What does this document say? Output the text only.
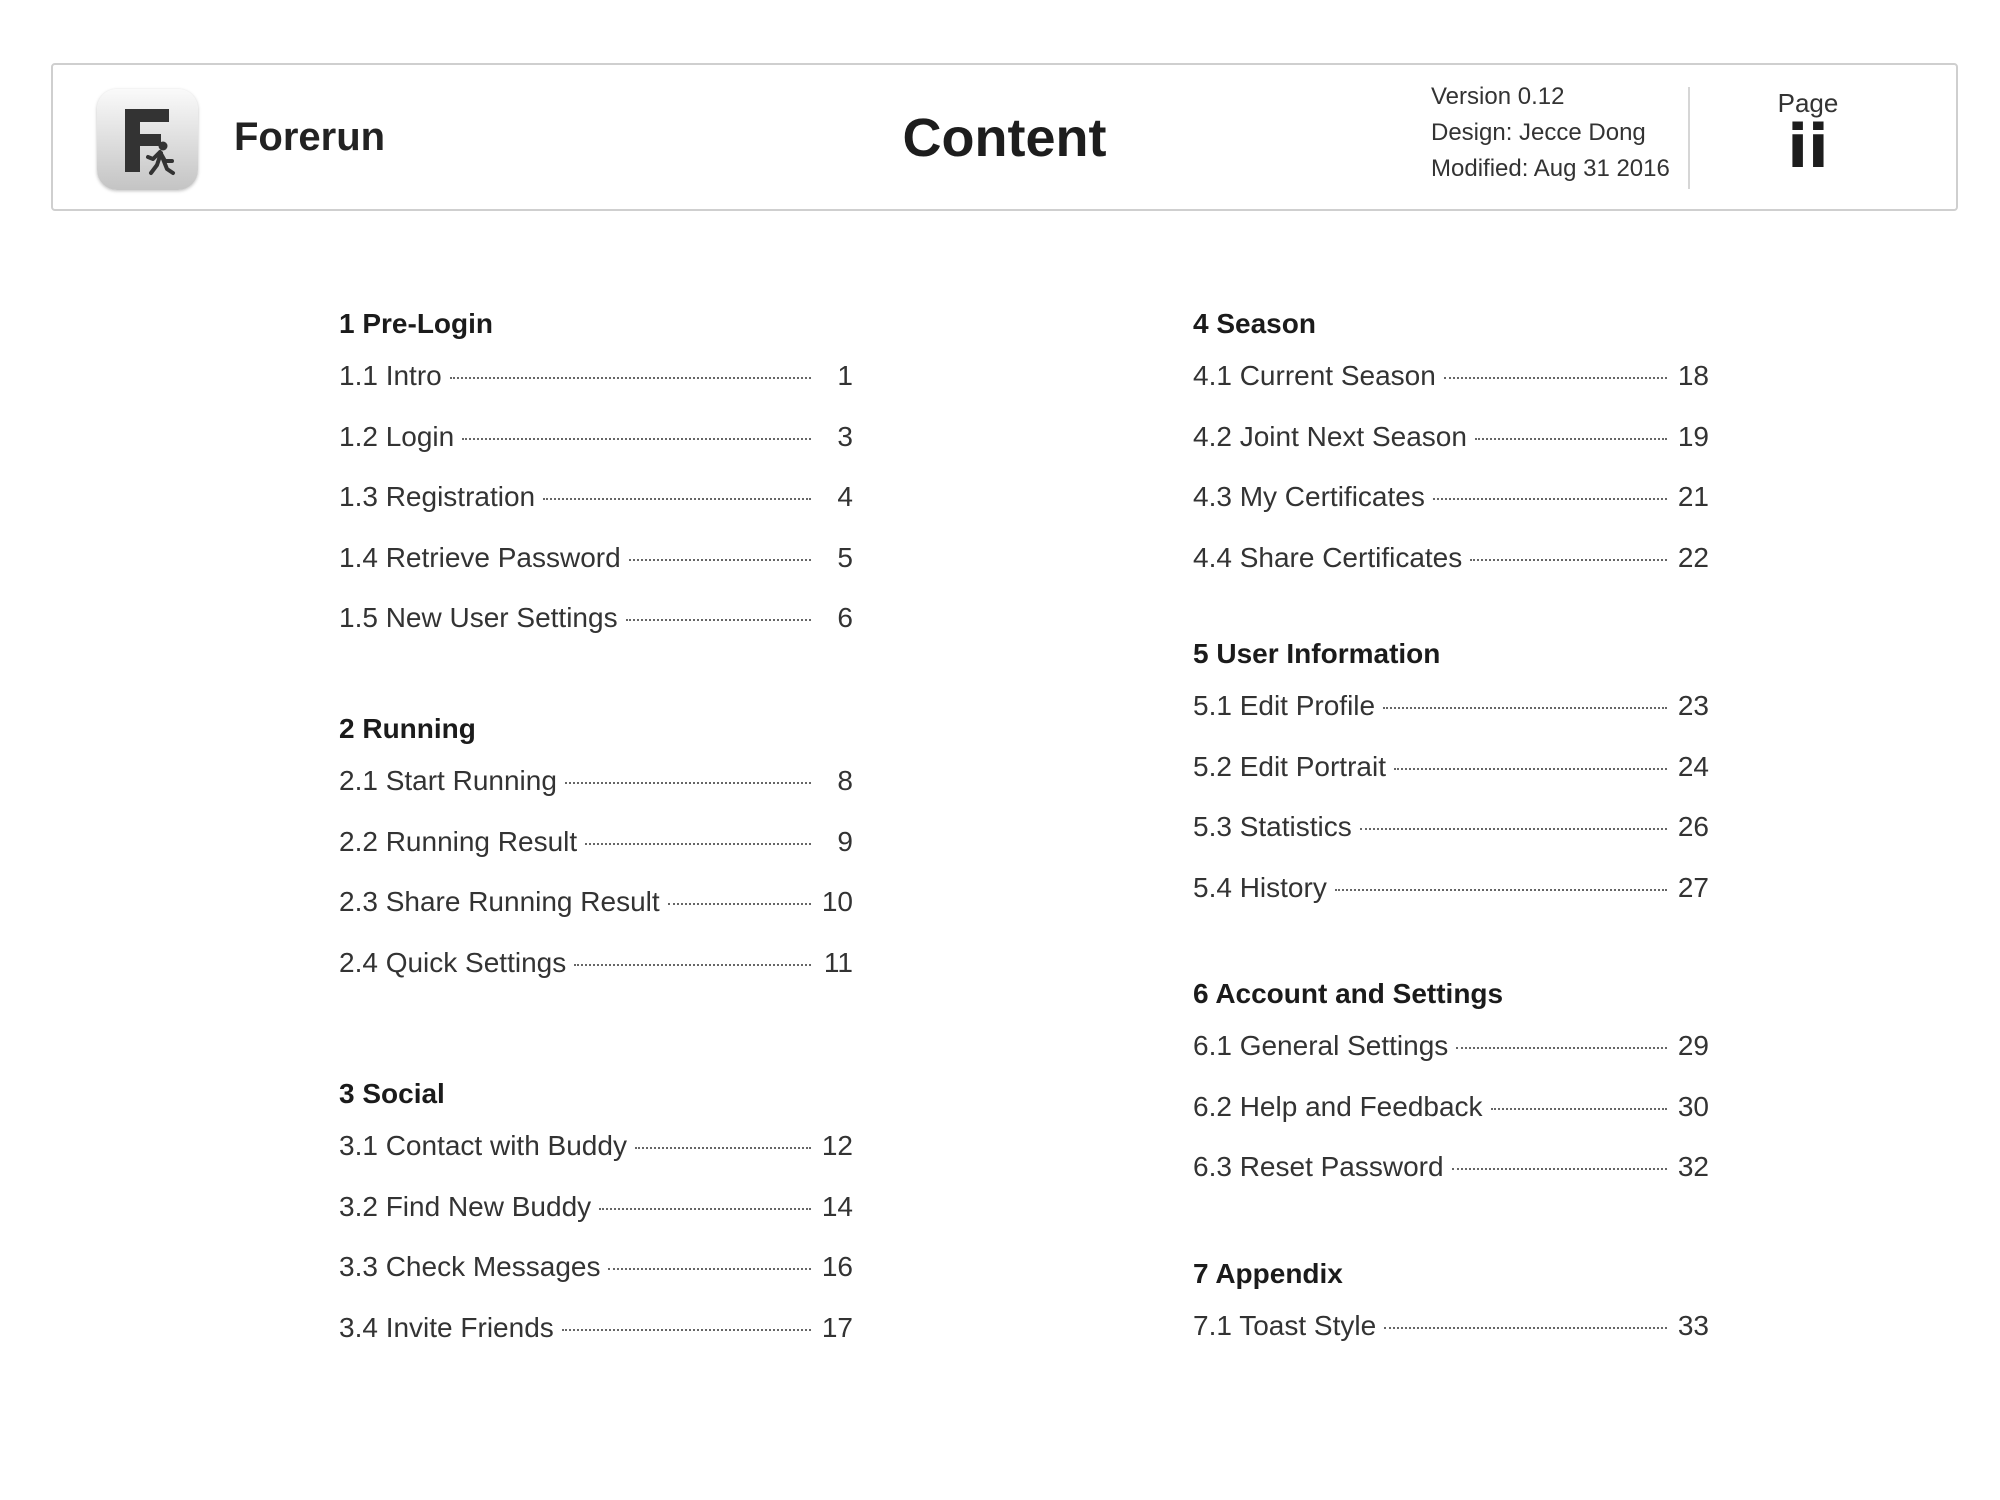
Forerun	Content
Version 0.12
Design: Jecce Dong
Modified: Aug 31 2016
Page
ii
1 Pre-Login
1.1 Intro	1
1.2 Login	3
1.3 Registration	4
1.4 Retrieve Password	5
1.5 New User Settings	6
2 Running
2.1 Start Running	8
2.2 Running Result	9
2.3 Share Running Result	10
2.4 Quick Settings	11
3 Social
3.1 Contact with Buddy	12
3.2 Find New Buddy	14
3.3 Check Messages	16
3.4 Invite Friends	17
4 Season
4.1 Current Season	18
4.2 Joint Next Season	19
4.3 My Certificates	21
4.4 Share Certificates	22
5 User Information
5.1 Edit Profile	23
5.2 Edit Portrait	24
5.3 Statistics	26
5.4 History	27
6 Account and Settings
6.1 General Settings	29
6.2 Help and Feedback	30
6.3 Reset Password	32
7 Appendix
7.1 Toast Style	33
